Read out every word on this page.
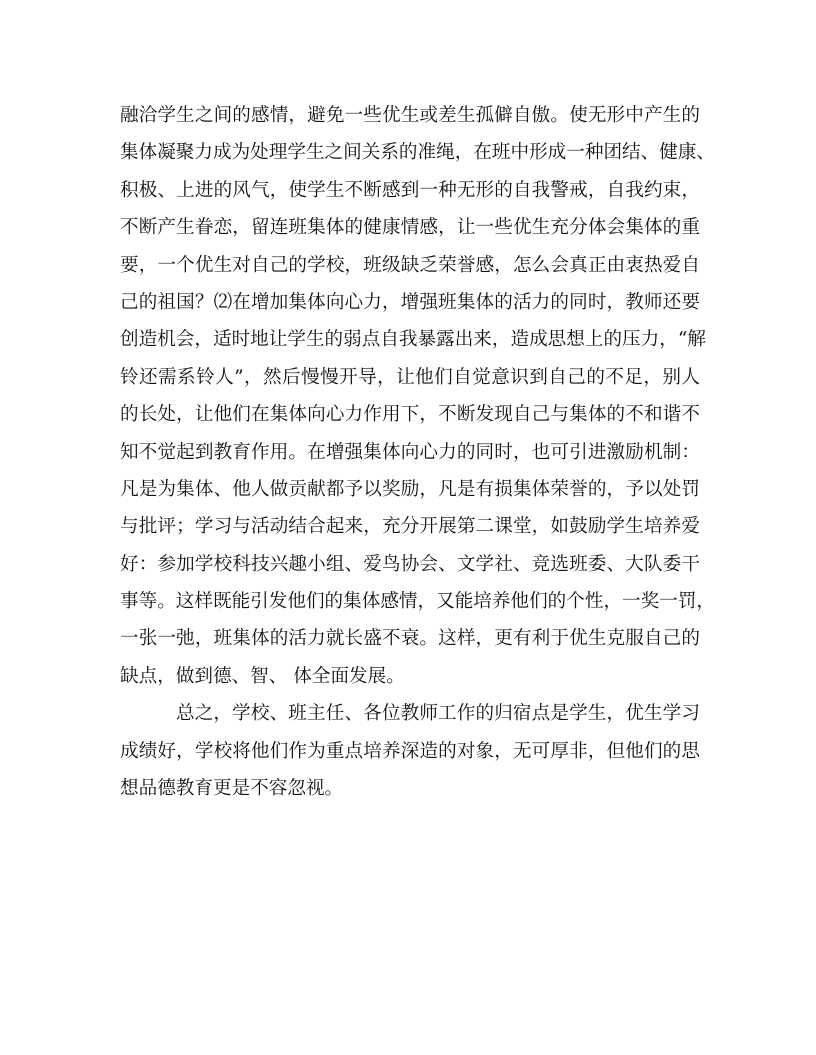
融洽学生之间的感情，避免一些优生或差生孤僻自傲。使无形中产生的
集体凝聚力成为处理学生之间关系的准绳，在班中形成一种团结、健康、
积极、上进的风气，使学生不断感到一种无形的自我警戒，自我约束，
不断产生眷恋，留连班集体的健康情感，让一些优生充分体会集体的重
要，一个优生对自己的学校，班级缺乏荣誉感，怎么会真正由衷热爱自
己的祖国？⑵在增加集体向心力，增强班集体的活力的同时，教师还要
创造机会，适时地让学生的弱点自我暴露出来，造成思想上的压力，“解
铃还需系铃人”，然后慢慢开导，让他们自觉意识到自己的不足，别人
的长处，让他们在集体向心力作用下，不断发现自己与集体的不和谐不
知不觉起到教育作用。在增强集体向心力的同时，也可引进激励机制：
凡是为集体、他人做贡献都予以奖励，凡是有损集体荣誉的，予以处罚
与批评；学习与活动结合起来，充分开展第二课堂，如鼓励学生培养爱
好：参加学校科技兴趣小组、爱鸟协会、文学社、竞选班委、大队委干
事等。这样既能引发他们的集体感情，又能培养他们的个性，一奖一罚，
一张一弛，班集体的活力就长盛不衰。这样，更有利于优生克服自己的
缺点，做到德、智、 体全面发展。
总之，学校、班主任、各位教师工作的归宿点是学生，优生学习
成绩好，学校将他们作为重点培养深造的对象，无可厚非，但他们的思
想品德教育更是不容忽视。
